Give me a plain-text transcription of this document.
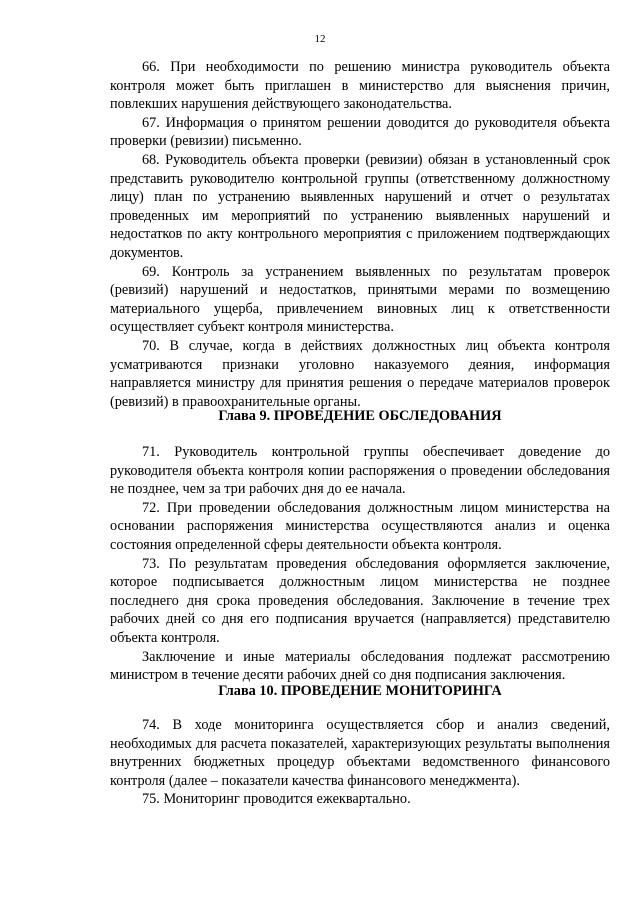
12

66. При необходимости по решению министра руководитель объекта контроля может быть приглашен в министерство для выяснения причин, повлекших нарушения действующего законодательства.

67. Информация о принятом решении доводится до руководителя объекта проверки (ревизии) письменно.

68. Руководитель объекта проверки (ревизии) обязан в установленный срок представить руководителю контрольной группы (ответственному должностному лицу) план по устранению выявленных нарушений и отчет о результатах проведенных им мероприятий по устранению выявленных нарушений и недостатков по акту контрольного мероприятия с приложением подтверждающих документов.

69. Контроль за устранением выявленных по результатам проверок (ревизий) нарушений и недостатков, принятыми мерами по возмещению материального ущерба, привлечением виновных лиц к ответственности осуществляет субъект контроля министерства.

70. В случае, когда в действиях должностных лиц объекта контроля усматриваются признаки уголовно наказуемого деяния, информация направляется министру для принятия решения о передаче материалов проверок (ревизий) в правоохранительные органы.

Глава 9. ПРОВЕДЕНИЕ ОБСЛЕДОВАНИЯ

71. Руководитель контрольной группы обеспечивает доведение до руководителя объекта контроля копии распоряжения о проведении обследования не позднее, чем за три рабочих дня до ее начала.

72. При проведении обследования должностным лицом министерства на основании распоряжения министерства осуществляются анализ и оценка состояния определенной сферы деятельности объекта контроля.

73. По результатам проведения обследования оформляется заключение, которое подписывается должностным лицом министерства не позднее последнего дня срока проведения обследования. Заключение в течение трех рабочих дней со дня его подписания вручается (направляется) представителю объекта контроля.

Заключение и иные материалы обследования подлежат рассмотрению министром в течение десяти рабочих дней со дня подписания заключения.

Глава 10. ПРОВЕДЕНИЕ МОНИТОРИНГА

74. В ходе мониторинга осуществляется сбор и анализ сведений, необходимых для расчета показателей, характеризующих результаты выполнения внутренних бюджетных процедур объектами ведомственного финансового контроля (далее – показатели качества финансового менеджмента).

75. Мониторинг проводится ежеквартально.
